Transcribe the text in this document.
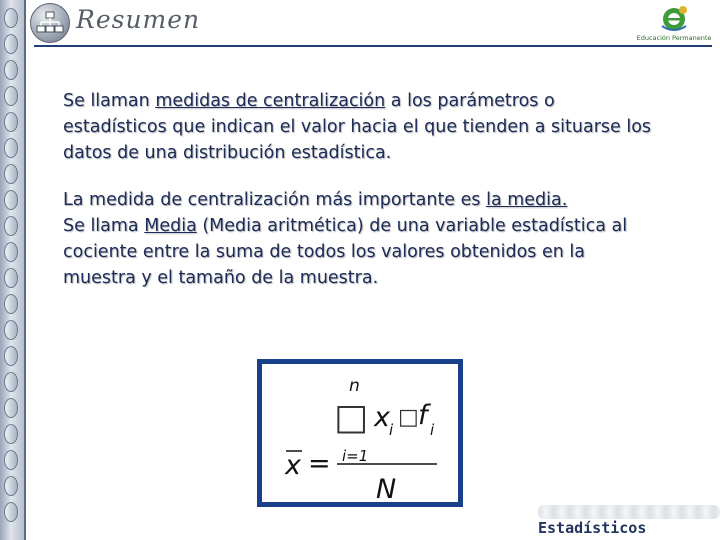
Resumen
Educación Permanente

Se llaman medidas de centralización a los parámetros o estadísticos que indican el valor hacia el que tienden a situarse los datos de una distribución estadística.

La medida de centralización más importante es la media.
Se llama Media (Media aritmética) de una variable estadística al cociente entre la suma de todos los valores obtenidos en la muestra y el tamaño de la muestra.

n
□ x i □ f i
i=1
x =
N
Estadísticos
